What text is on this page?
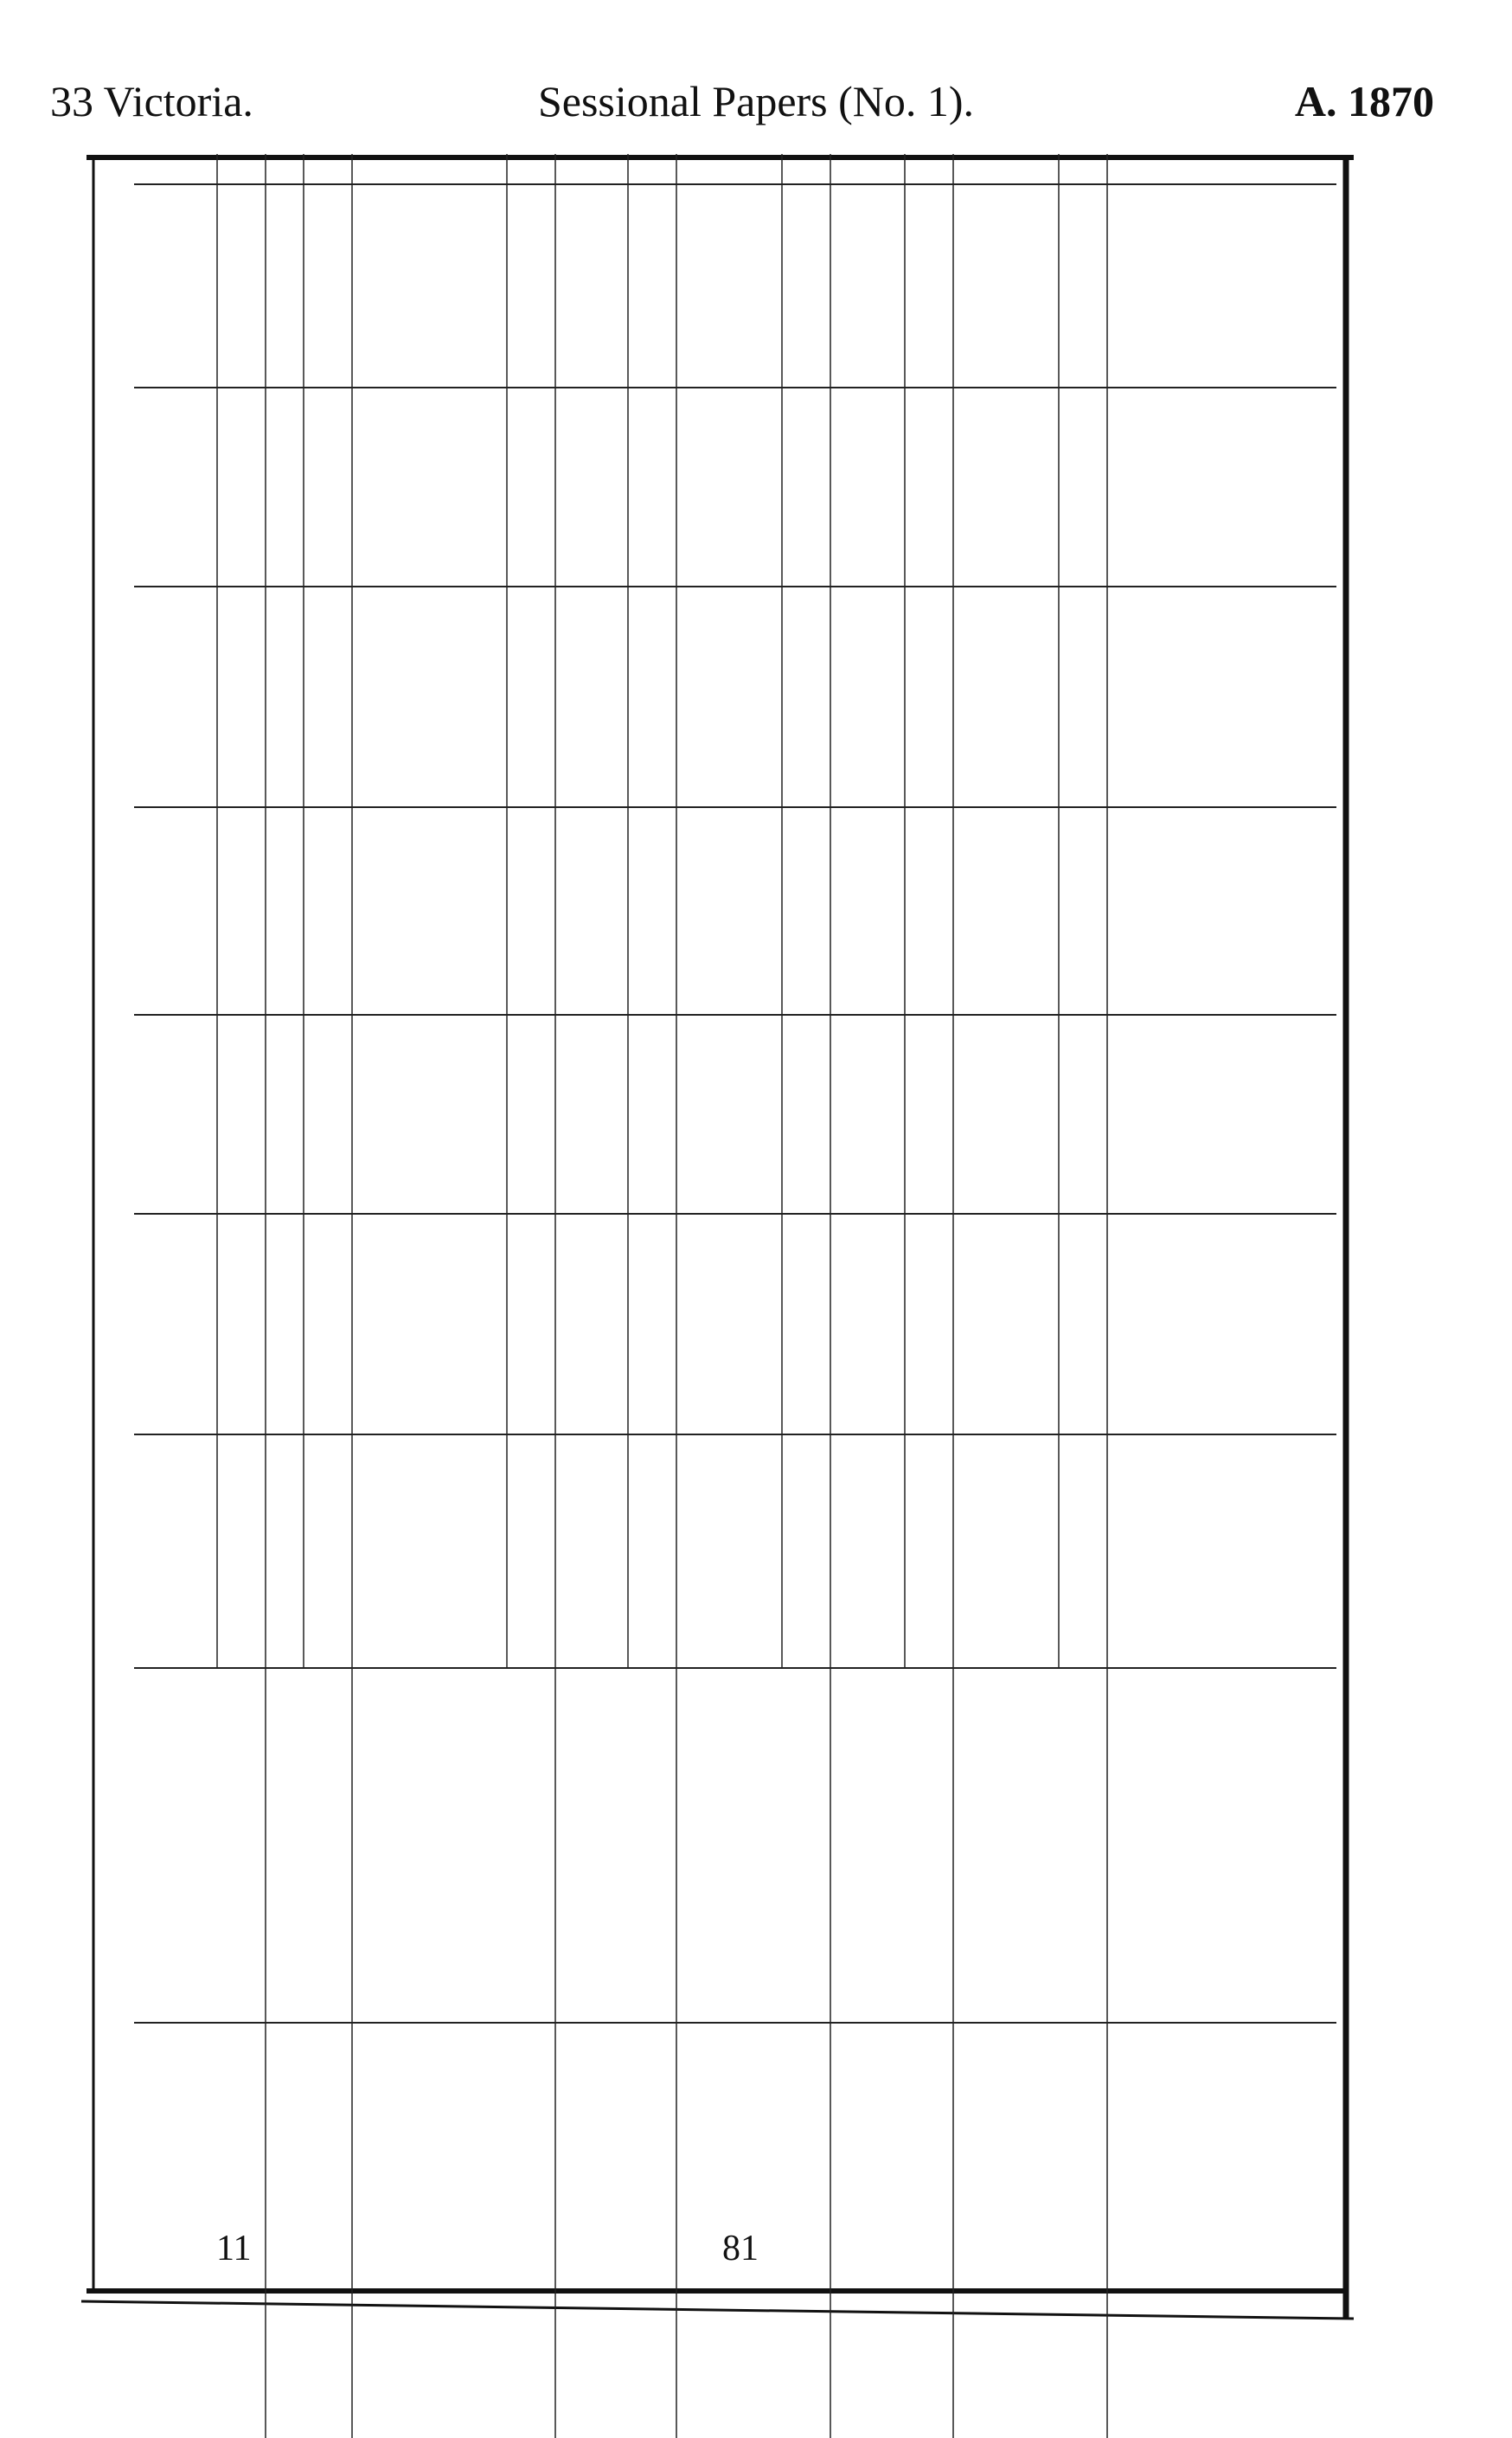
33 Victoria.	Sessional Papers (No. 1).	A. 1870
11	81
